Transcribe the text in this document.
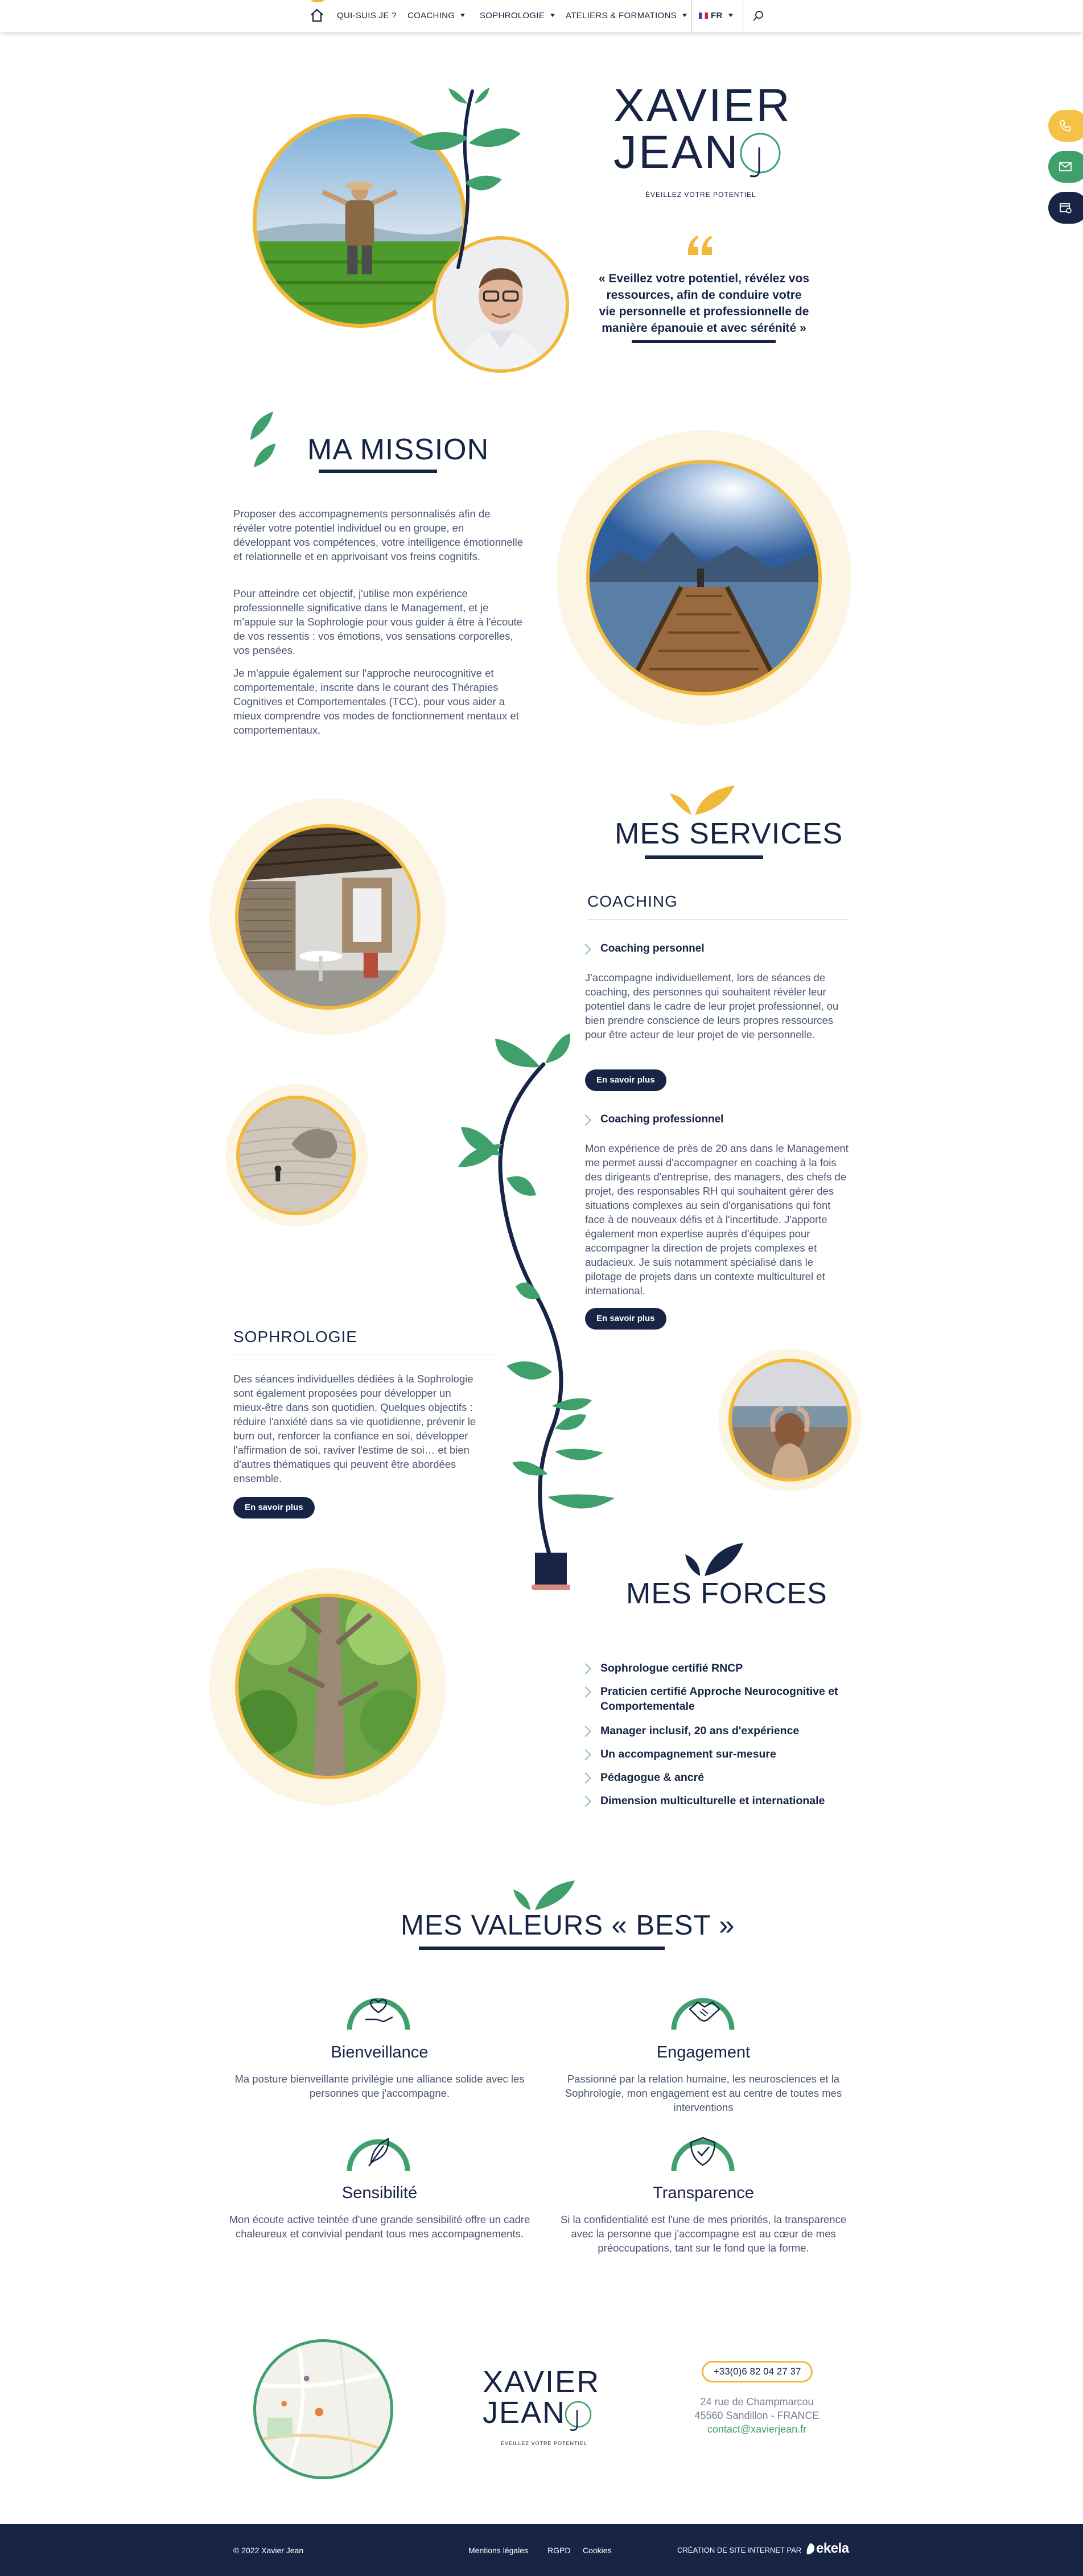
QUI-SUIS JE ? COACHING	SOPHROLOGIE	ATELIERS & FORMATIONS	FR
XAVIER
JEAN
ÉVEILLEZ VOTRE POTENTIEL
« Eveillez votre potentiel, révélez vos ressources, afin de conduire votre vie personnelle et professionnelle de manière épanouie et avec sérénité »
MA MISSION
Proposer des accompagnements personnalisés afin de révéler votre potentiel individuel ou en groupe, en développant vos compétences, votre intelligence émotionnelle et relationnelle et en apprivoisant vos freins cognitifs.
Pour atteindre cet objectif, j'utilise mon expérience professionnelle significative dans le Management, et je m'appuie sur la Sophrologie pour vous guider à être à l'écoute de vos ressentis : vos émotions, vos sensations corporelles, vos pensées.
Je m'appuie également sur l'approche neurocognitive et comportementale, inscrite dans le courant des Thérapies Cognitives et Comportementales (TCC), pour vous aider a mieux comprendre vos modes de fonctionnement mentaux et comportementaux.
MES SERVICES
COACHING
Coaching personnel
J'accompagne individuellement, lors de séances de coaching, des personnes qui souhaitent révéler leur potentiel dans le cadre de leur projet professionnel, ou bien prendre conscience de leurs propres ressources pour être acteur de leur projet de vie personnelle.
En savoir plus
Coaching professionnel
Mon expérience de près de 20 ans dans le Management me permet aussi d'accompagner en coaching à la fois des dirigeants d'entreprise, des managers, des chefs de projet, des responsables RH qui souhaitent gérer des situations complexes au sein d'organisations qui font face à de nouveaux défis et à l'incertitude. J'apporte également mon expertise auprès d'équipes pour accompagner la direction de projets complexes et audacieux. Je suis notamment spécialisé dans le pilotage de projets dans un contexte multiculturel et international.
En savoir plus
SOPHROLOGIE
Des séances individuelles dédiées à la Sophrologie sont également proposées pour développer un mieux-être dans son quotidien. Quelques objectifs : réduire l'anxiété dans sa vie quotidienne, prévenir le burn out, renforcer la confiance en soi, développer l'affirmation de soi, raviver l'estime de soi… et bien d'autres thématiques qui peuvent être abordées ensemble.
En savoir plus
MES FORCES
Sophrologue certifié RNCP
Praticien certifié Approche Neurocognitive et Comportementale
Manager inclusif, 20 ans d'expérience
Un accompagnement sur-mesure
Pédagogue & ancré
Dimension multiculturelle et internationale
MES VALEURS « BEST »
Bienveillance
Ma posture bienveillante privilégie une alliance solide avec les personnes que j'accompagne.
Engagement
Passionné par la relation humaine, les neurosciences et la Sophrologie, mon engagement est au centre de toutes mes interventions
Sensibilité
Mon écoute active teintée d'une grande sensibilité offre un cadre chaleureux et convivial pendant tous mes accompagnements.
Transparence
Si la confidentialité est l'une de mes priorités, la transparence avec la personne que j'accompagne est au cœur de mes préoccupations, tant sur le fond que la forme.
XAVIER
JEAN
ÉVEILLEZ VOTRE POTENTIEL
+33(0)6 82 04 27 37
24 rue de Champmarcou
45560 Sandillon - FRANCE
contact@xavierjean.fr
© 2022 Xavier Jean	Mentions légales RGPD Cookies	CRÉATION DE SITE INTERNET PAR ekela
